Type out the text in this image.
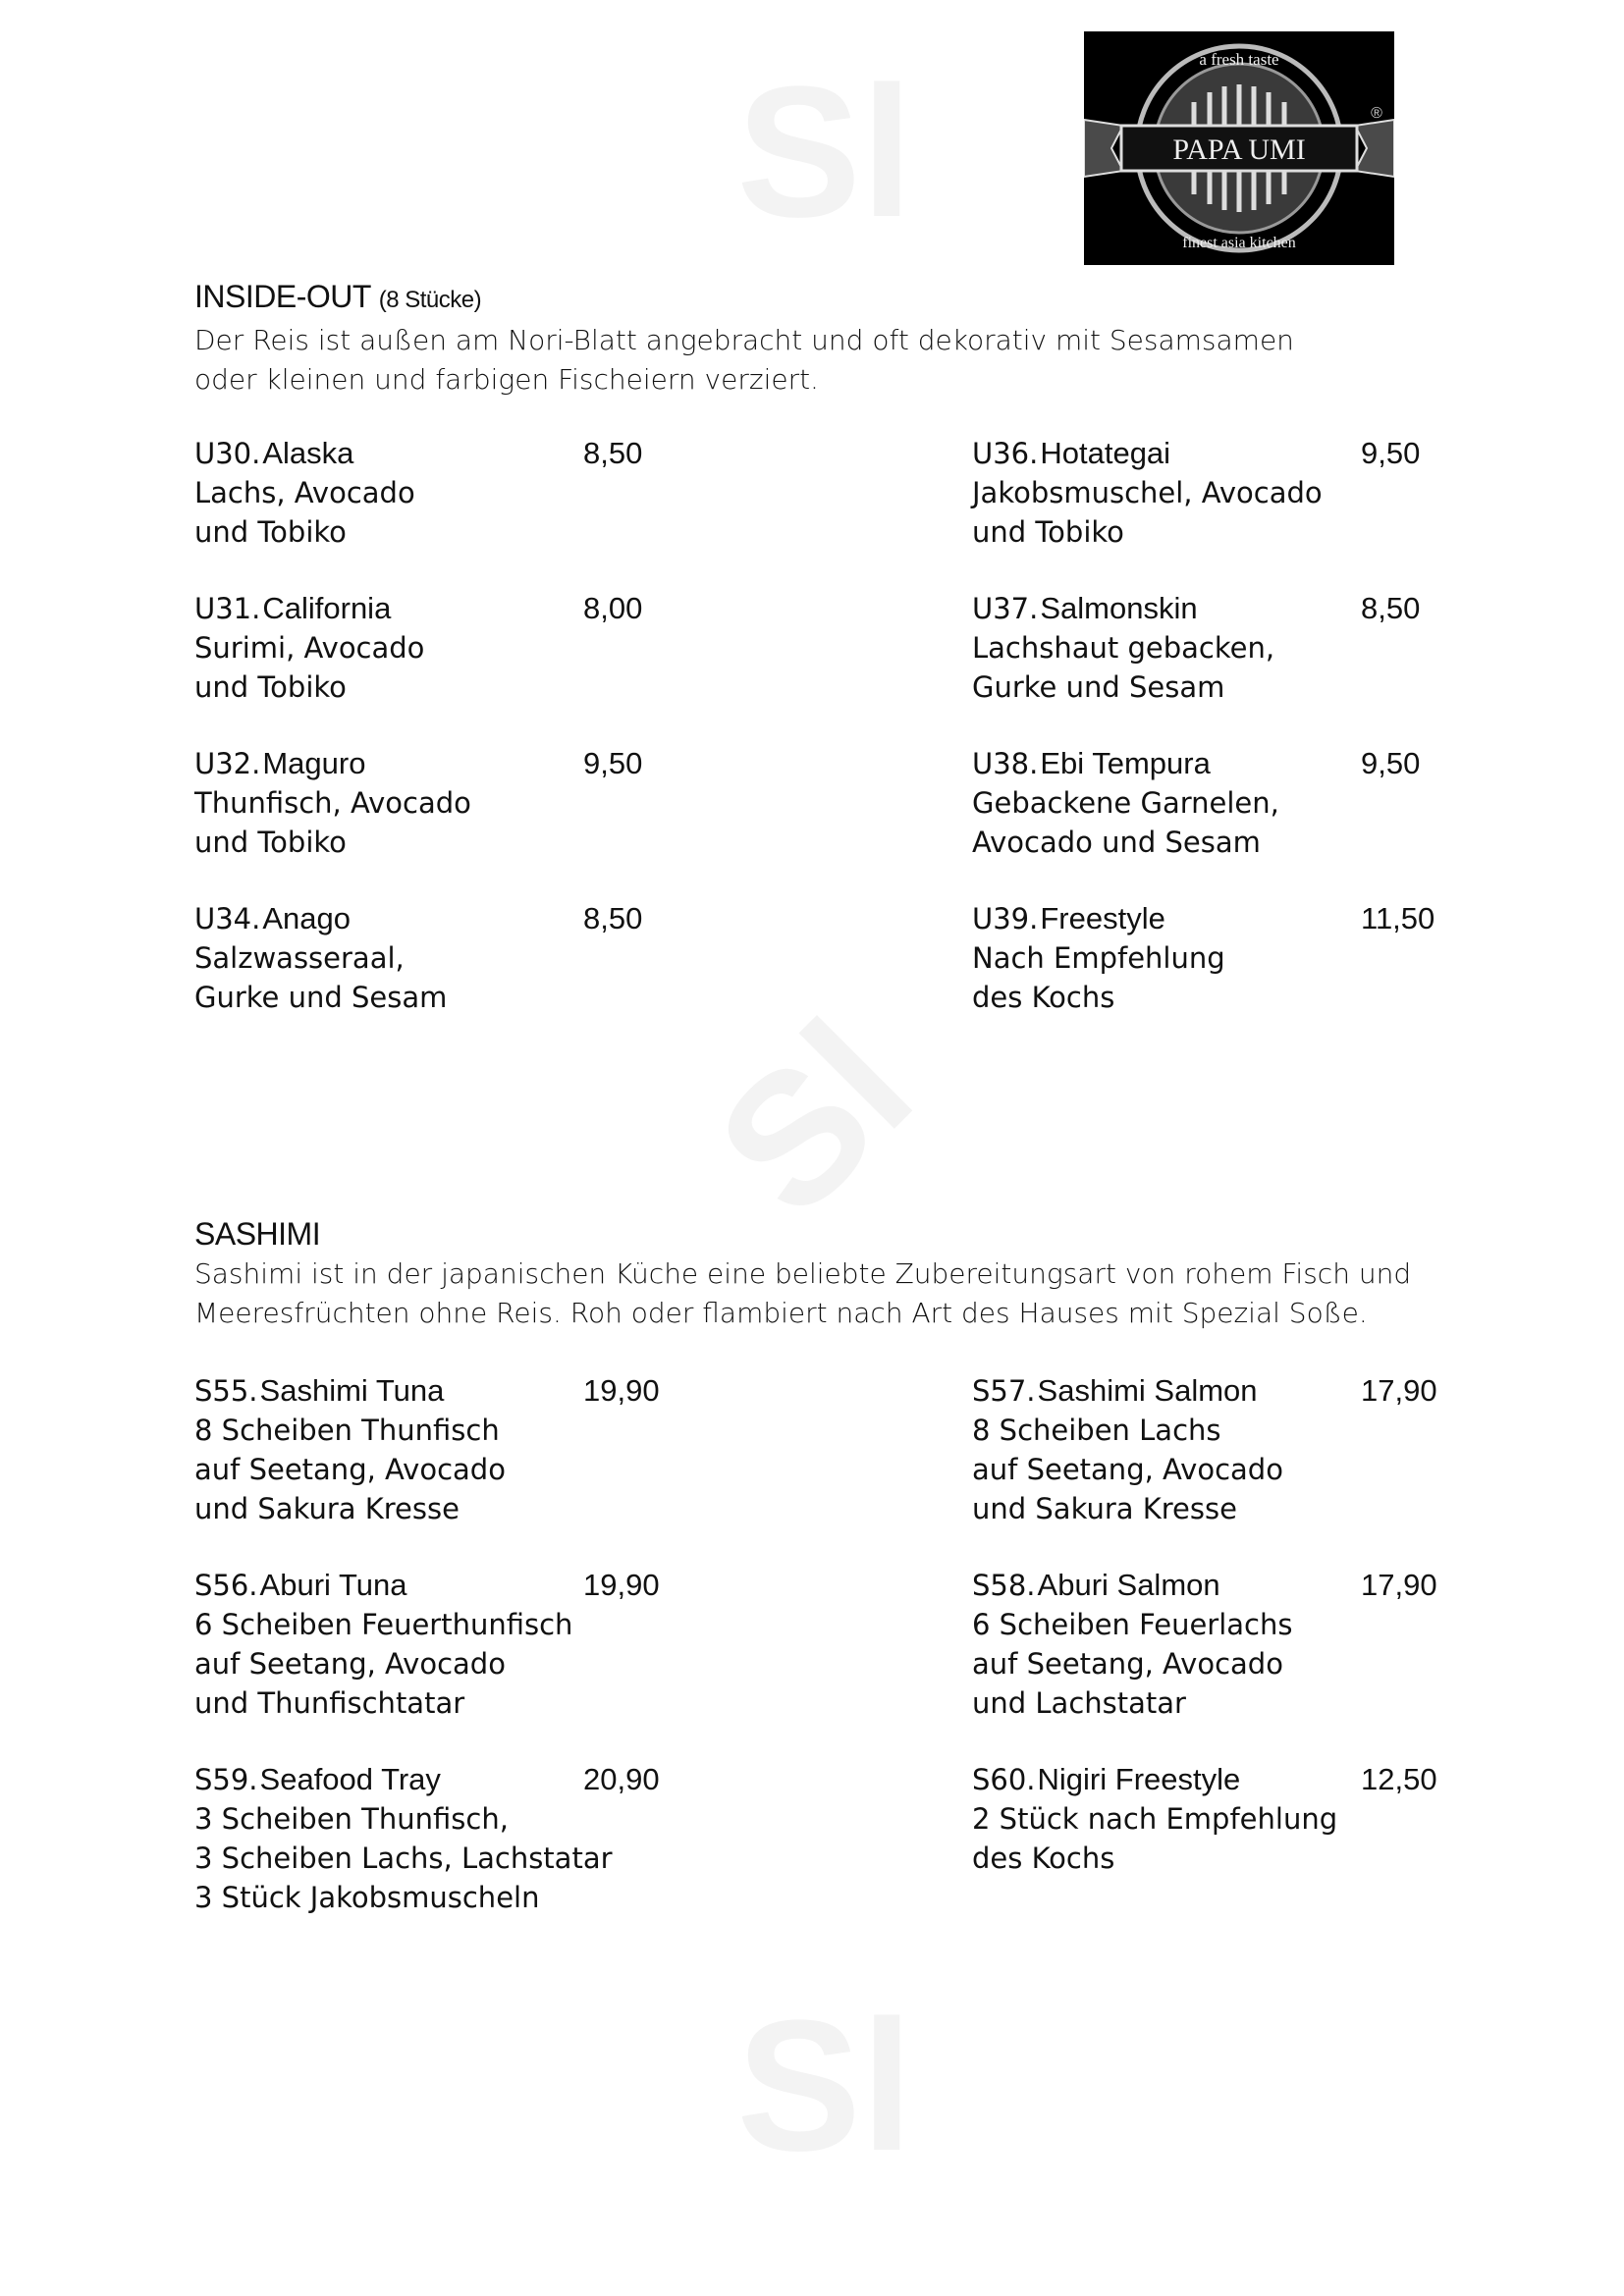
Sl
Sl
Sl
PAPA UMI
a fresh taste
finest asia kitchen
®
INSIDE-OUT (8 Stücke)
Der Reis ist außen am Nori-Blatt angebracht und oft dekorativ mit Sesamsamen
oder kleinen und farbigen Fischeiern verziert.
U30. Alaska	8,50
Lachs, Avocado
und Tobiko
U36. Hotategai	9,50
Jakobsmuschel, Avocado
und Tobiko
U31. California	8,00
Surimi, Avocado
und Tobiko
U37. Salmonskin	8,50
Lachshaut gebacken,
Gurke und Sesam
U32. Maguro	9,50
Thunfisch, Avocado
und Tobiko
U38. Ebi Tempura	9,50
Gebackene Garnelen,
Avocado und Sesam
U34. Anago	8,50
Salzwasseraal,
Gurke und Sesam
U39. Freestyle	11,50
Nach Empfehlung
des Kochs
SASHIMI
Sashimi ist in der japanischen Küche eine beliebte Zubereitungsart von rohem Fisch und
Meeresfrüchten ohne Reis. Roh oder flambiert nach Art des Hauses mit Spezial Soße.
S55. Sashimi Tuna	19,90
8 Scheiben Thunfisch
auf Seetang, Avocado
und Sakura Kresse
S57. Sashimi Salmon	17,90
8 Scheiben Lachs
auf Seetang, Avocado
und Sakura Kresse
S56. Aburi Tuna	19,90
6 Scheiben Feuerthunfisch
auf Seetang, Avocado
und Thunfischtatar
S58. Aburi Salmon	17,90
6 Scheiben Feuerlachs
auf Seetang, Avocado
und Lachstatar
S59. Seafood Tray	20,90
3 Scheiben Thunfisch,
3 Scheiben Lachs, Lachstatar
3 Stück Jakobsmuscheln
S60. Nigiri Freestyle	12,50
2 Stück nach Empfehlung
des Kochs
